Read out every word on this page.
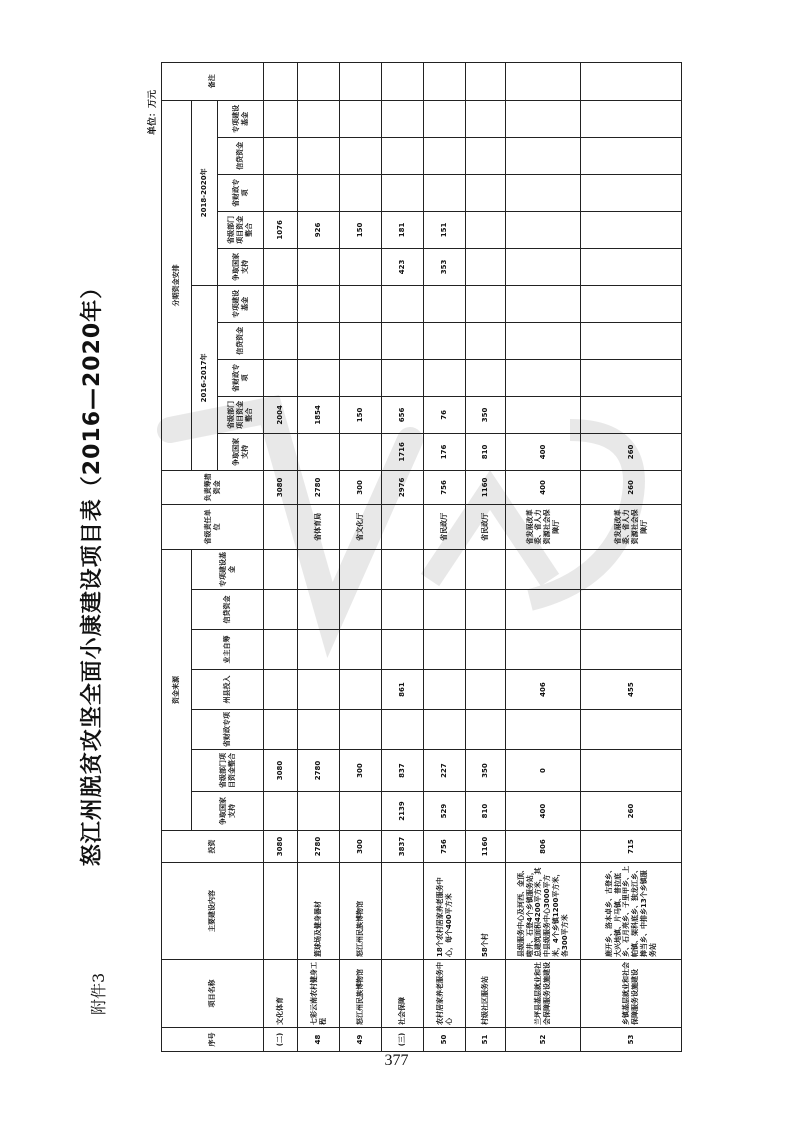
附件3
怒江州脱贫攻坚全面小康建设项目表（2016—2020年）
单位：万元
序号	项目名称	主要建设内容	投资	资金来源							省级责任单位	负责筹措资金	分期资金安排										备注
				争取国家支持	省级部门项目资金整合	省财政专项	州县投入	业主自筹	信贷资金	专项建设基金			2016-2017年					2018-2020年					
													争取国家支持	省级部门项目资金整合	省财政专项	信贷资金	专项建设基金	争取国家支持	省级部门项目资金整合	省财政专项	信贷资金	专项建设基金	
(二)	文化体育		3080		3080							3080		2004					1076				
48	七彩云南农村健身工程	篮球场及健身器材	2780		2780						省体育局	2780		1854					926				
49	怒江州民族博物馆	怒江州民族博物馆	300		300						省文化厅	300		150					150				
(三)	社会保障		3837	2139	837		861					2976	1716	656				423	181				
50	农村居家养老服务中心	18个农村居家养老服务中心，每个400平方米	756	529	227						省民政厅	756	176	76				353	151				
51	村级社区服务站	58个村	1160	810	350						省民政厅	1160	810	350									
52	兰坪县基层就业和社会保障服务设施建设	县级服务中心及河西、金顶、啦井、石登4个乡镇服务站，总建筑面积4200平方米，其中县级服务中心3000平方米，4个乡镇1200平方米，各300平方米	806	400	0		406				省发展改革委、省人力资源社会保障厅	400	400										
53	乡镇基层就业和社会保障服务设施建设	鹿开乡、洛本卓乡、古登乡、大兴地镇、片马镇、普拉底乡、石月亮乡、子里甲乡、上帕镇、架科底乡、独龙江乡、捧当乡、中排乡13个乡镇服务站	715	260			455				省发展改革委、省人力资源社会保障厅	260	260										
377
